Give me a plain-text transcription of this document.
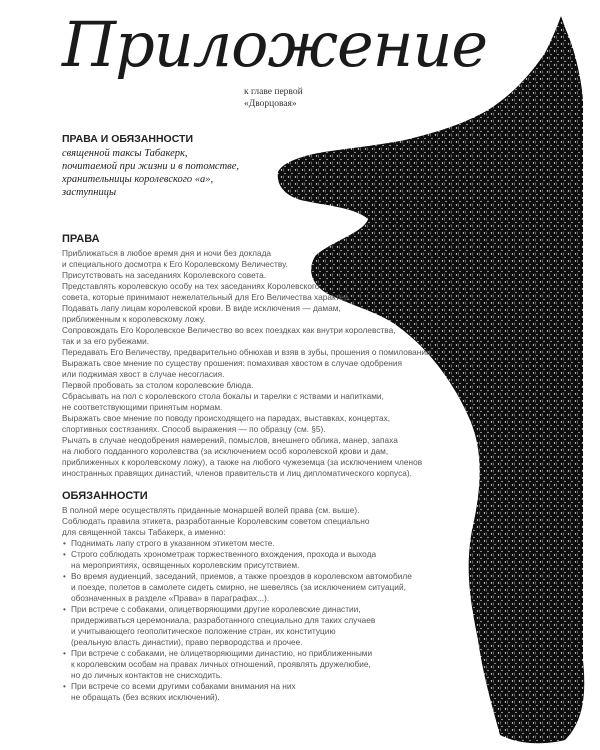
Приложение
к главе первой
«Дворцовая»
ПРАВА И ОБЯЗАННОСТИ

священной таксы Табакерк,
почитаемой при жизни и в потомстве,
хранительницы королевского «а»,
заступницы

ПРАВА
Приближаться в любое время дня и ночи без доклада
и специального досмотра к Его Королевскому Величеству.
Присутствовать на заседаниях Королевского совета.
Представлять королевскую особу на тех заседаниях Королевского
совета, которые принимают нежелательный для Его Величества характер.
Подавать лапу лицам королевской крови. В виде исключения — дамам,
приближенным к королевскому ложу.
Сопровождать Его Королевское Величество во всех поездках как внутри королевства,
так и за его рубежами.
Передавать Его Величеству, предварительно обнюхав и взяв в зубы, прошения о помиловании.
Выражать свое мнение по существу прошения: помахивая хвостом в случае одобрения
или поджимая хвост в случае несогласия.
Первой пробовать за столом королевские блюда.
Сбрасывать на пол с королевского стола бокалы и тарелки с яствами и напитками,
не соответствующими принятым нормам.
Выражать свое мнение по поводу происходящего на парадах, выставках, концертах,
спортивных состязаниях. Способ выражения — по образцу (см. §5).
Рычать в случае неодобрения намерений, помыслов, внешнего облика, манер, запаха
на любого подданного королевства (за исключением особ королевской крови и дам,
приближенных к королевскому ложу), а также на любого чужеземца (за исключением членов
иностранных правящих династий, членов правительств и лиц дипломатического корпуса).
ОБЯЗАННОСТИ
В полной мере осуществлять приданные монаршей волей права (см. выше).
Соблюдать правила этикета, разработанные Королевским советом специально
для священной таксы Табакерк, а именно:
• Поднимать лапу строго в указанном этикетом месте.
• Строго соблюдать хронометраж торжественного вхождения, прохода и выхода
на мероприятиях, освященных королевским присутствием.
• Во время аудиенций, заседаний, приемов, а также проездов в королевском автомобиле
и поезде, полетов в самолете сидеть смирно, не шевелясь (за исключением ситуаций,
обозначенных в разделе «Права» в параграфах...).
• При встрече с собаками, олицетворяющими другие королевские династии,
придерживаться церемониала, разработанного специально для таких случаев
и учитывающего геополитическое положение стран, их конституцию
(реальную власть династии), право первородства и прочее.
• При встрече с собаками, не олицетворяющими династию, но приближенными
к королевским особам на правах личных отношений, проявлять дружелюбие,
но до личных контактов не снисходить.
• При встрече со всеми другими собаками внимания на них
не обращать (без всяких исключений).
